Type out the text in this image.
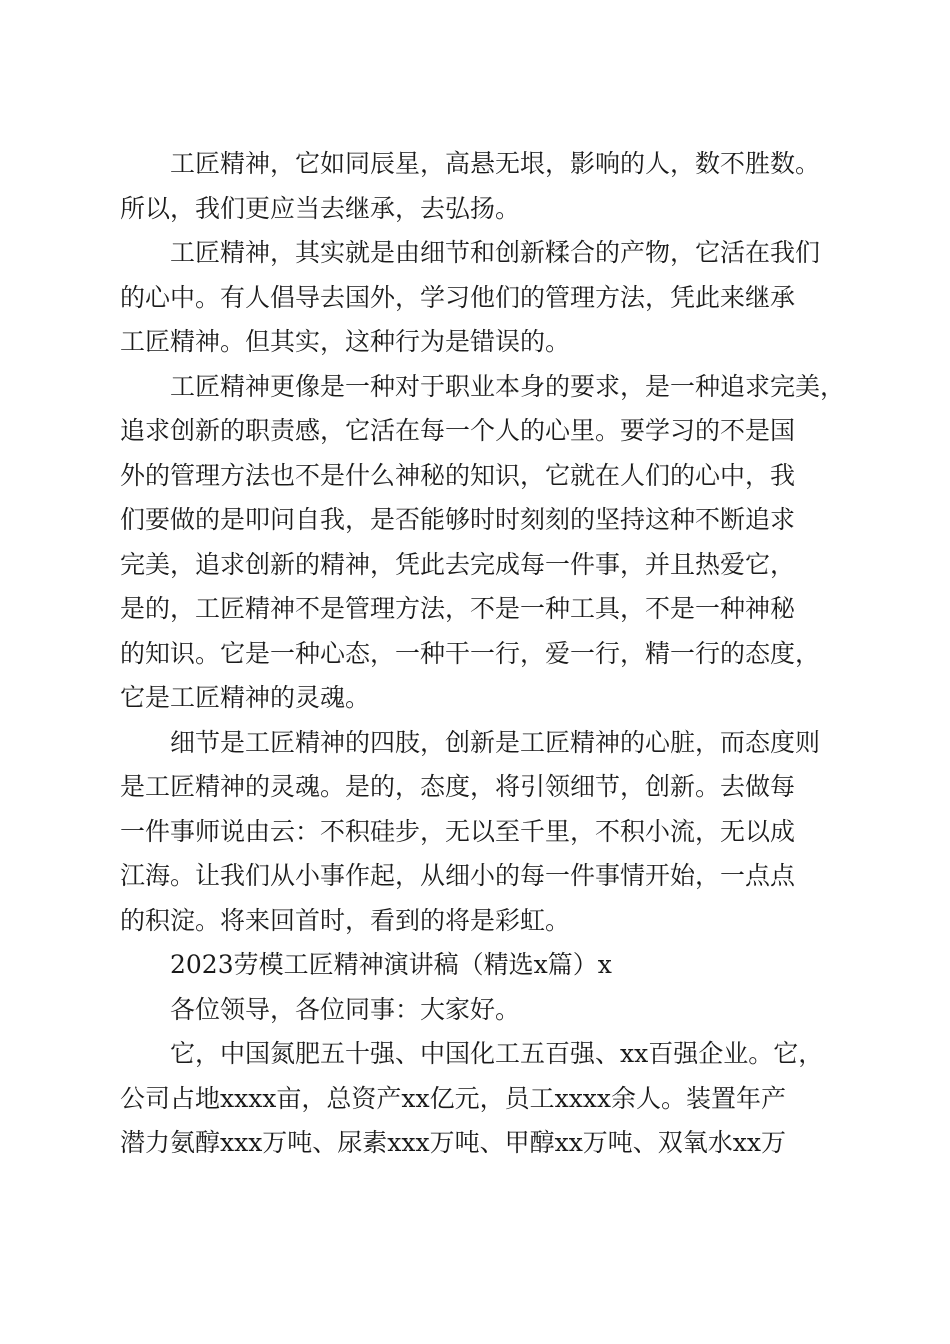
工匠精神，它如同辰星，高悬无垠，影响的人，数不胜数。
所以，我们更应当去继承，去弘扬。

工匠精神，其实就是由细节和创新糅合的产物，它活在我们
的心中。有人倡导去国外，学习他们的管理方法，凭此来继承
工匠精神。但其实，这种行为是错误的。

工匠精神更像是一种对于职业本身的要求，是一种追求完美，
追求创新的职责感，它活在每一个人的心里。要学习的不是国
外的管理方法也不是什么神秘的知识，它就在人们的心中，我
们要做的是叩问自我，是否能够时时刻刻的坚持这种不断追求
完美，追求创新的精神，凭此去完成每一件事，并且热爱它，
是的，工匠精神不是管理方法，不是一种工具，不是一种神秘
的知识。它是一种心态，一种干一行，爱一行，精一行的态度，
它是工匠精神的灵魂。

细节是工匠精神的四肢，创新是工匠精神的心脏，而态度则
是工匠精神的灵魂。是的，态度，将引领细节，创新。去做每
一件事师说由云：不积硅步，无以至千里，不积小流，无以成
江海。让我们从小事作起，从细小的每一件事情开始，一点点
的积淀。将来回首时，看到的将是彩虹。

2023劳模工匠精神演讲稿（精选x篇）x

各位领导，各位同事：大家好。

它，中国氮肥五十强、中国化工五百强、xx百强企业。它，
公司占地xxxx亩，总资产xx亿元，员工xxxx余人。装置年产
潜力氨醇xxx万吨、尿素xxx万吨、甲醇xx万吨、双氧水xx万
